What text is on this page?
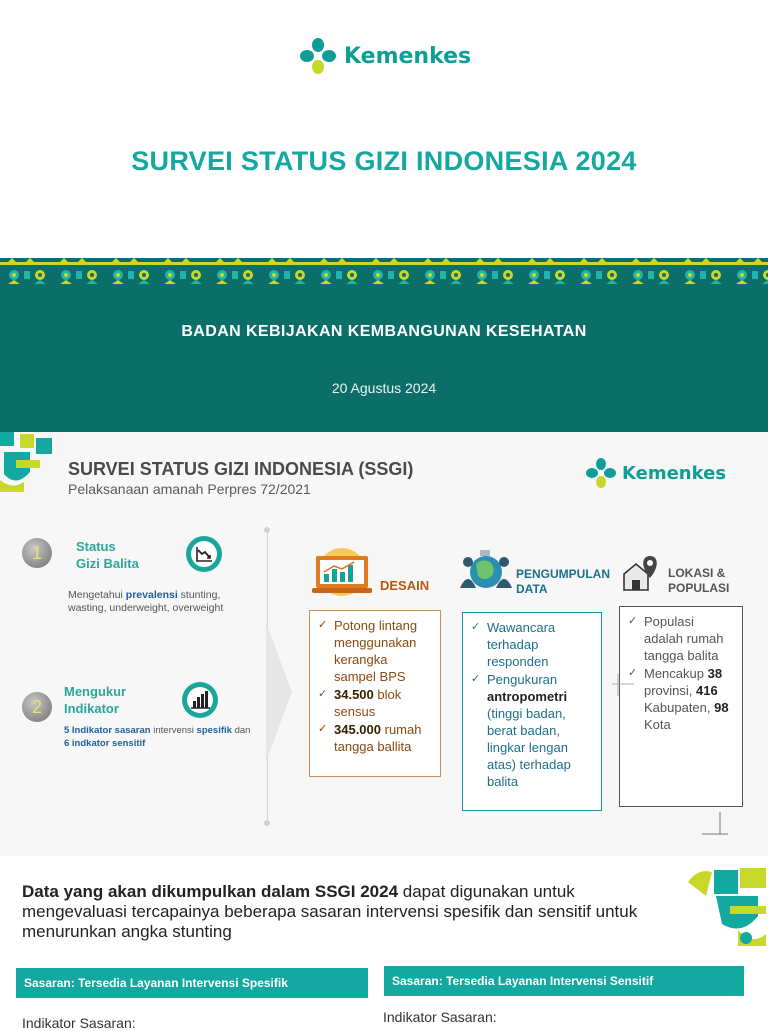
Kemenkes
SURVEI STATUS GIZI INDONESIA 2024
BADAN KEBIJAKAN KEMBANGUNAN KESEHATAN
20 Agustus 2024
SURVEI STATUS GIZI INDONESIA (SSGI)
Pelaksanaan amanah Perpres 72/2021
Kemenkes
1	Status
Gizi Balita
Mengetahui prevalensi stunting, wasting, underweight, overweight
2
Mengukur
Indikator
5 Indikator sasaran intervensi spesifik dan 6 indkator sensitif
DESAIN
✓ Potong lintang menggunakan kerangka sampel BPS
✓ 34.500 blok sensus
✓ 345.000 rumah tangga ballita
PENGUMPULAN
DATA
✓ Wawancara terhadap responden
✓ Pengukuran antropometri (tinggi badan, berat badan, lingkar lengan atas) terhadap balita
LOKASI &
POPULASI
✓ Populasi adalah rumah tangga balita
✓ Mencakup 38 provinsi, 416 Kabupaten, 98 Kota
Data yang akan dikumpulkan dalam SSGI 2024 dapat digunakan untuk mengevaluasi tercapainya beberapa sasaran intervensi spesifik dan sensitif untuk menurunkan angka stunting
Sasaran: Tersedia Layanan Intervensi Spesifik	Sasaran: Tersedia Layanan Intervensi Sensitif
Indikator Sasaran:	Indikator Sasaran:
